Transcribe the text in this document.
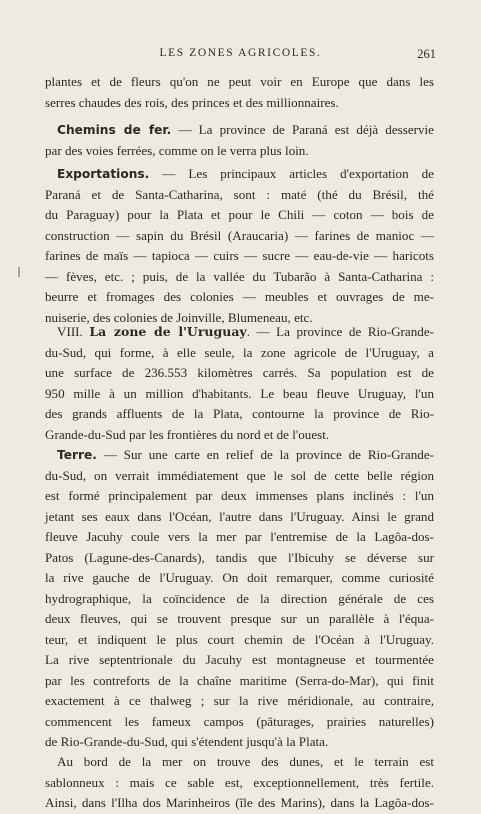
LES ZONES AGRICOLES.	261
plantes et de fleurs qu'on ne peut voir en Europe que dans les
serres chaudes des rois, des princes et des millionnaires.
Chemins de fer. — La province de Paraná est déjà desservie
par des voies ferrées, comme on le verra plus loin.
Exportations. — Les principaux articles d'exportation de
Paraná et de Santa-Catharina, sont : maté (thé du Brésil, thé
du Paraguay) pour la Plata et pour le Chili — coton — bois de
construction — sapin du Brésil (Araucaria) — farines de manioc —
farines de maïs — tapioca — cuirs — sucre — eau-de-vie — haricots
— fèves, etc. ; puis, de la vallée du Tubarão à Santa-Catharina :
beurre et fromages des colonies — meubles et ouvrages de me-
nuiserie, des colonies de Joinville, Blumeneau, etc.
VIII. La zone de l'Uruguay. — La province de Rio-Grande-
du-Sud, qui forme, à elle seule, la zone agricole de l'Uruguay, a
une surface de 236.553 kilomètres carrés. Sa population est de
950 mille à un million d'habitants. Le beau fleuve Uruguay, l'un
des grands affluents de la Plata, contourne la province de Rio-
Grande-du-Sud par les frontières du nord et de l'ouest.
Terre. — Sur une carte en relief de la province de Rio-Grande-
du-Sud, on verrait immédiatement que le sol de cette belle région
est formé principalement par deux immenses plans inclinés : l'un
jetant ses eaux dans l'Océan, l'autre dans l'Uruguay. Ainsi le grand
fleuve Jacuhy coule vers la mer par l'entremise de la Lagôa-dos-
Patos (Lagune-des-Canards), tandis que l'Ibicuhy se déverse sur
la rive gauche de l'Uruguay. On doit remarquer, comme curiosité
hydrographique, la coïncidence de la direction générale de ces
deux fleuves, qui se trouvent presque sur un parallèle à l'équa-
teur, et indiquent le plus court chemin de l'Océan à l'Uruguay.
La rive septentrionale du Jacuhy est montagneuse et tourmentée
par les contreforts de la chaîne maritime (Serra-do-Mar), qui finit
exactement à ce thalweg ; sur la rive méridionale, au contraire,
commencent les fameux campos (pâturages, prairies naturelles)
de Rio-Grande-du-Sud, qui s'étendent jusqu'à la Plata.
Au bord de la mer on trouve des dunes, et le terrain est
sablonneux : mais ce sable est, exceptionnellement, très fertile.
Ainsi, dans l'Ilha dos Marinheiros (île des Marins), dans la Lagôa-dos-
